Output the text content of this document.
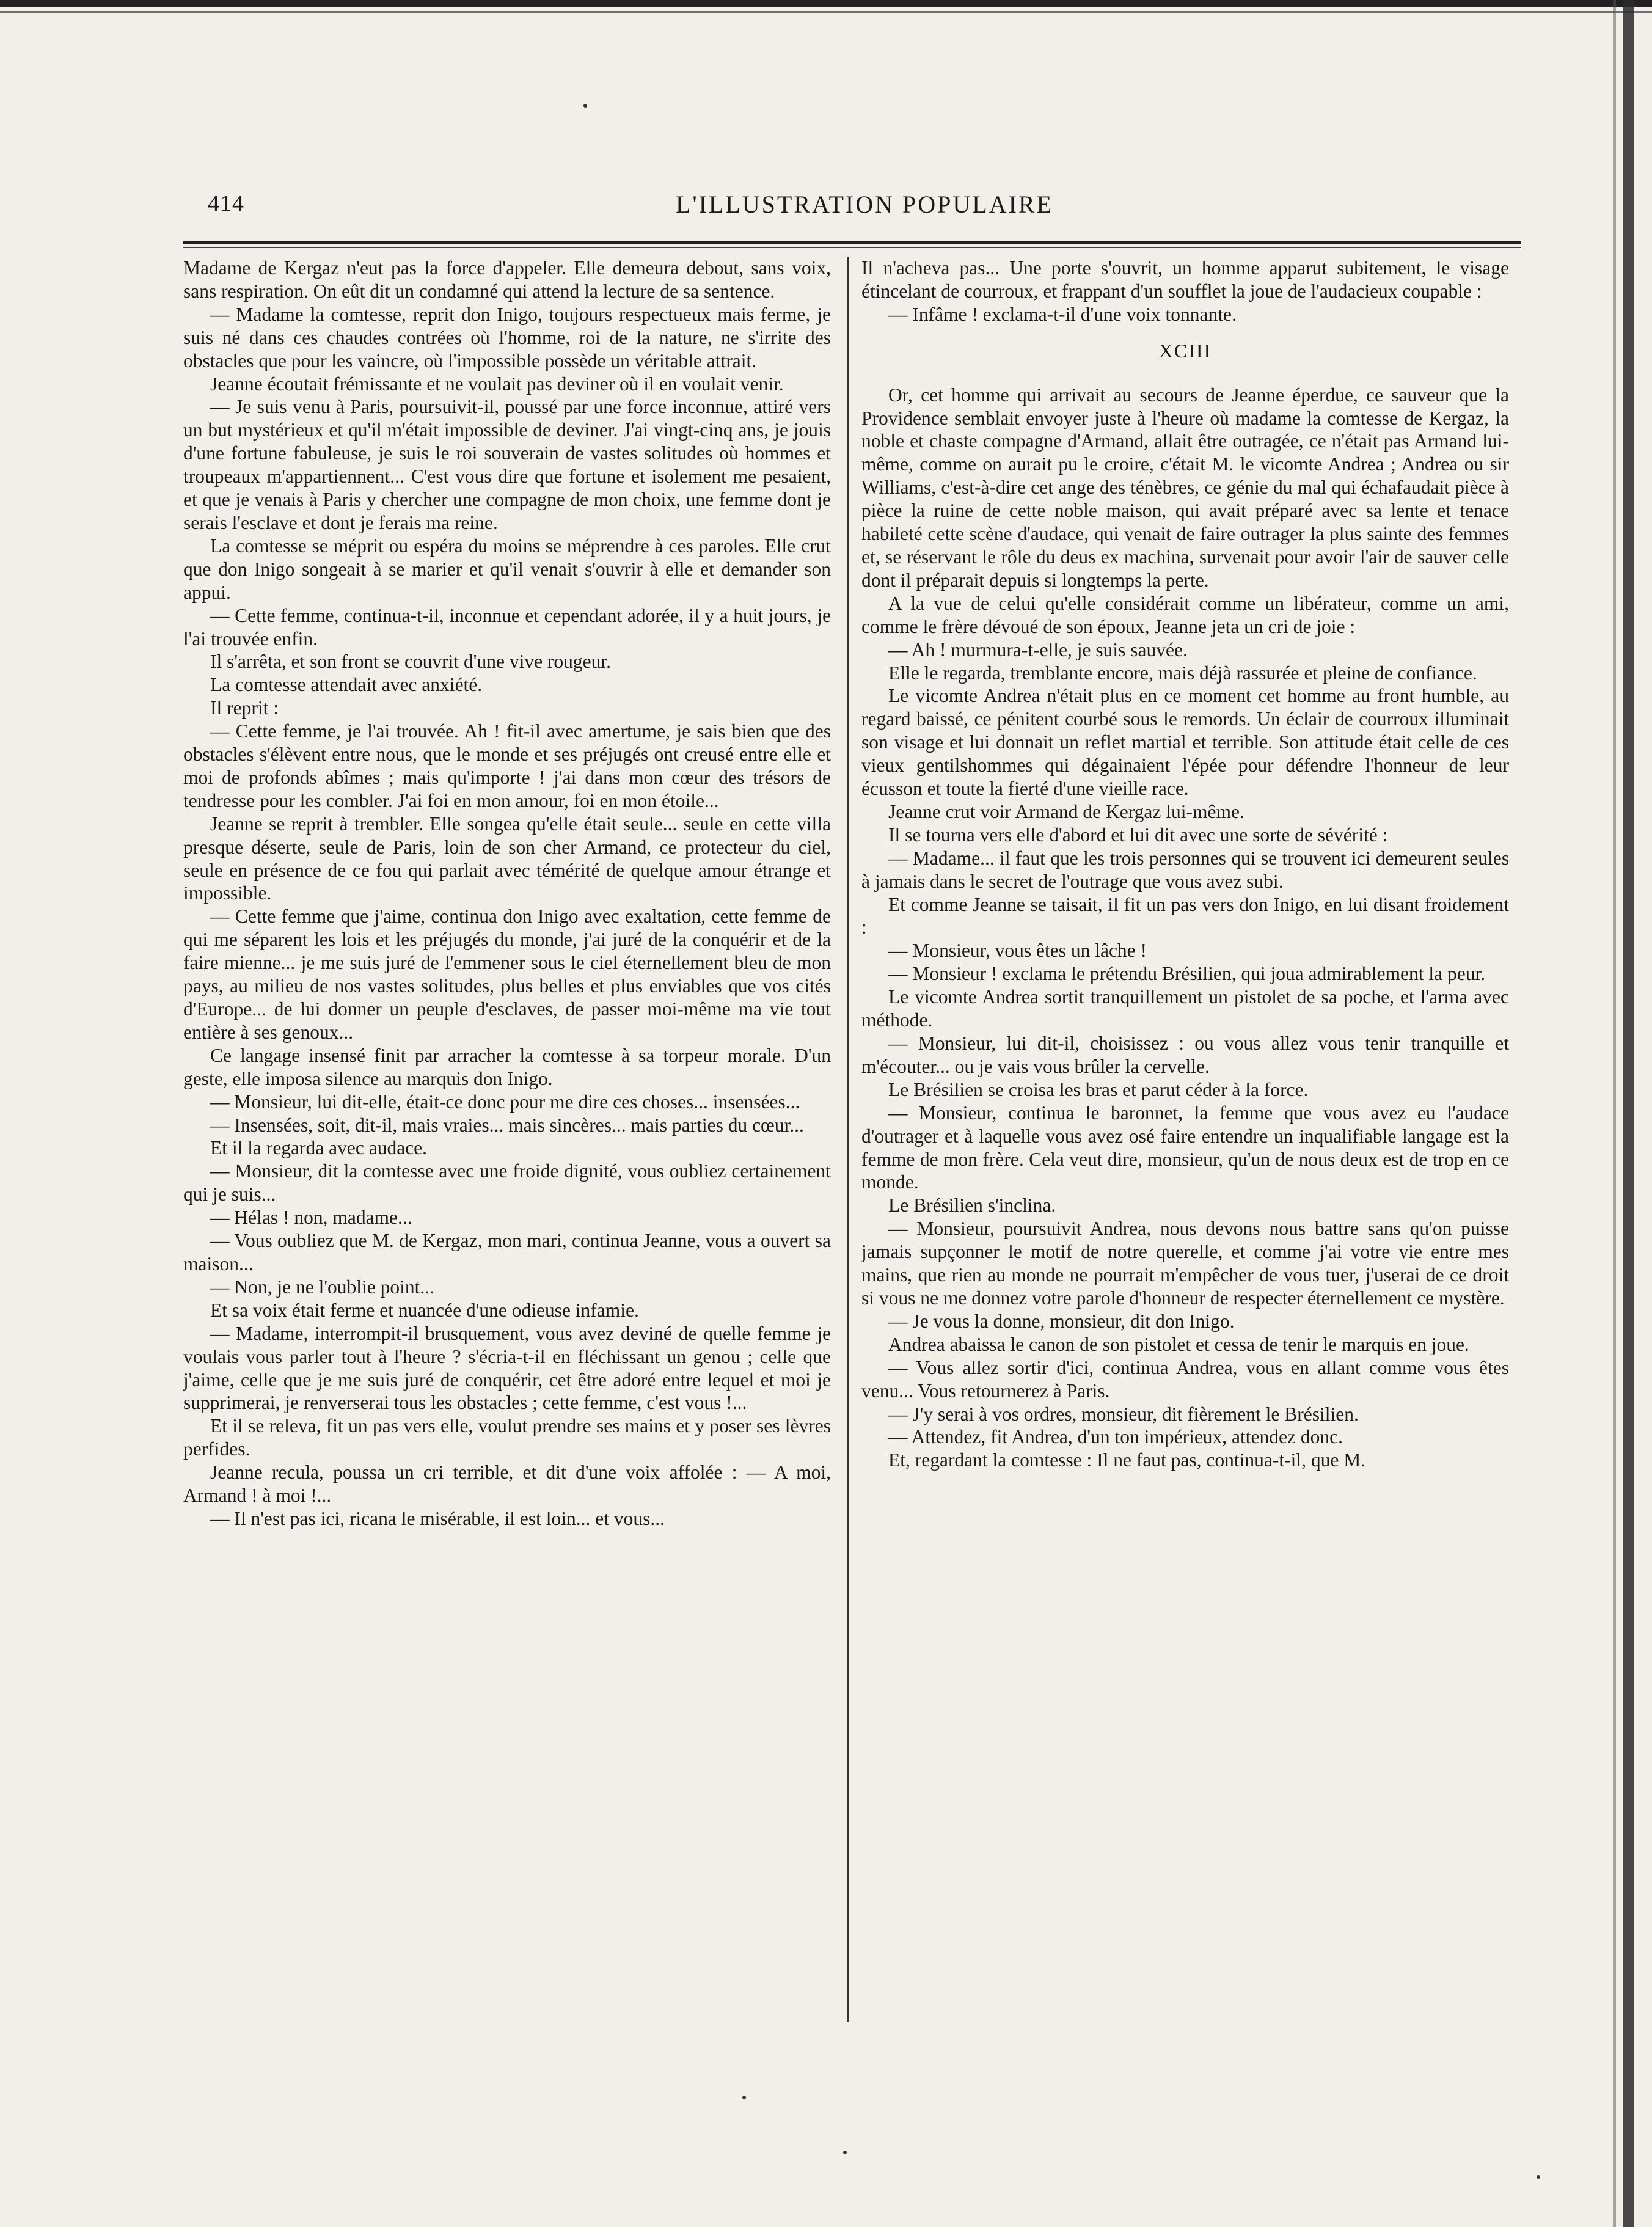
414	L'ILLUSTRATION POPULAIRE

Madame de Kergaz n'eut pas la force d'appeler. Elle demeura debout, sans voix, sans respiration. On eût dit un condamné qui attend la lecture de sa sentence.

— Madame la comtesse, reprit don Inigo, toujours respectueux mais ferme, je suis né dans ces chaudes contrées où l'homme, roi de la nature, ne s'irrite des obstacles que pour les vaincre, où l'impossible possède un véritable attrait.

Jeanne écoutait frémissante et ne voulait pas deviner où il en voulait venir.

— Je suis venu à Paris, poursuivit-il, poussé par une force inconnue, attiré vers un but mystérieux et qu'il m'était impossible de deviner. J'ai vingt-cinq ans, je jouis d'une fortune fabuleuse, je suis le roi souverain de vastes solitudes où hommes et troupeaux m'appartiennent... C'est vous dire que fortune et isolement me pesaient, et que je venais à Paris y chercher une compagne de mon choix, une femme dont je serais l'esclave et dont je ferais ma reine.

La comtesse se méprit ou espéra du moins se méprendre à ces paroles. Elle crut que don Inigo songeait à se marier et qu'il venait s'ouvrir à elle et demander son appui.

— Cette femme, continua-t-il, inconnue et cependant adorée, il y a huit jours, je l'ai trouvée enfin.

Il s'arrêta, et son front se couvrit d'une vive rougeur.

La comtesse attendait avec anxiété.

Il reprit :

— Cette femme, je l'ai trouvée. Ah ! fit-il avec amertume, je sais bien que des obstacles s'élèvent entre nous, que le monde et ses préjugés ont creusé entre elle et moi de profonds abîmes ; mais qu'importe ! j'ai dans mon cœur des trésors de tendresse pour les combler. J'ai foi en mon amour, foi en mon étoile...

Jeanne se reprit à trembler. Elle songea qu'elle était seule... seule en cette villa presque déserte, seule de Paris, loin de son cher Armand, ce protecteur du ciel, seule en présence de ce fou qui parlait avec témérité de quelque amour étrange et impossible.

— Cette femme que j'aime, continua don Inigo avec exaltation, cette femme de qui me séparent les lois et les préjugés du monde, j'ai juré de la conquérir et de la faire mienne... je me suis juré de l'emmener sous le ciel éternellement bleu de mon pays, au milieu de nos vastes solitudes, plus belles et plus enviables que vos cités d'Europe... de lui donner un peuple d'esclaves, de passer moi-même ma vie tout entière à ses genoux...

Ce langage insensé finit par arracher la comtesse à sa torpeur morale. D'un geste, elle imposa silence au marquis don Inigo.

— Monsieur, lui dit-elle, était-ce donc pour me dire ces choses... insensées...

— Insensées, soit, dit-il, mais vraies... mais sincères... mais parties du cœur...

Et il la regarda avec audace.

— Monsieur, dit la comtesse avec une froide dignité, vous oubliez certainement qui je suis...

— Hélas ! non, madame...

— Vous oubliez que M. de Kergaz, mon mari, continua Jeanne, vous a ouvert sa maison...

— Non, je ne l'oublie point...

Et sa voix était ferme et nuancée d'une odieuse infamie.

— Madame, interrompit-il brusquement, vous avez deviné de quelle femme je voulais vous parler tout à l'heure ? s'écria-t-il en fléchissant un genou ; celle que j'aime, celle que je me suis juré de conquérir, cet être adoré entre lequel et moi je supprimerai, je renverserai tous les obstacles ; cette femme, c'est vous !...

Et il se releva, fit un pas vers elle, voulut prendre ses mains et y poser ses lèvres perfides.

Jeanne recula, poussa un cri terrible, et dit d'une voix affolée : — A moi, Armand ! à moi !...

— Il n'est pas ici, ricana le misérable, il est loin... et vous...

Il n'acheva pas... Une porte s'ouvrit, un homme apparut subitement, le visage étincelant de courroux, et frappant d'un soufflet la joue de l'audacieux coupable :

— Infâme ! exclama-t-il d'une voix tonnante.

XCIII

Or, cet homme qui arrivait au secours de Jeanne éperdue, ce sauveur que la Providence semblait envoyer juste à l'heure où madame la comtesse de Kergaz, la noble et chaste compagne d'Armand, allait être outragée, ce n'était pas Armand lui-même, comme on aurait pu le croire, c'était M. le vicomte Andrea ; Andrea ou sir Williams, c'est-à-dire cet ange des ténèbres, ce génie du mal qui échafaudait pièce à pièce la ruine de cette noble maison, qui avait préparé avec sa lente et tenace habileté cette scène d'audace, qui venait de faire outrager la plus sainte des femmes et, se réservant le rôle du deus ex machina, survenait pour avoir l'air de sauver celle dont il préparait depuis si longtemps la perte.

A la vue de celui qu'elle considérait comme un libérateur, comme un ami, comme le frère dévoué de son époux, Jeanne jeta un cri de joie :

— Ah ! murmura-t-elle, je suis sauvée.

Elle le regarda, tremblante encore, mais déjà rassurée et pleine de confiance.

Le vicomte Andrea n'était plus en ce moment cet homme au front humble, au regard baissé, ce pénitent courbé sous le remords. Un éclair de courroux illuminait son visage et lui donnait un reflet martial et terrible. Son attitude était celle de ces vieux gentilshommes qui dégainaient l'épée pour défendre l'honneur de leur écusson et toute la fierté d'une vieille race.

Jeanne crut voir Armand de Kergaz lui-même.

Il se tourna vers elle d'abord et lui dit avec une sorte de sévérité :

— Madame... il faut que les trois personnes qui se trouvent ici demeurent seules à jamais dans le secret de l'outrage que vous avez subi.

Et comme Jeanne se taisait, il fit un pas vers don Inigo, en lui disant froidement :

— Monsieur, vous êtes un lâche !

— Monsieur ! exclama le prétendu Brésilien, qui joua admirablement la peur.

Le vicomte Andrea sortit tranquillement un pistolet de sa poche, et l'arma avec méthode.

— Monsieur, lui dit-il, choisissez : ou vous allez vous tenir tranquille et m'écouter... ou je vais vous brûler la cervelle.

Le Brésilien se croisa les bras et parut céder à la force.

— Monsieur, continua le baronnet, la femme que vous avez eu l'audace d'outrager et à laquelle vous avez osé faire entendre un inqualifiable langage est la femme de mon frère. Cela veut dire, monsieur, qu'un de nous deux est de trop en ce monde.

Le Brésilien s'inclina.

— Monsieur, poursuivit Andrea, nous devons nous battre sans qu'on puisse jamais supçonner le motif de notre querelle, et comme j'ai votre vie entre mes mains, que rien au monde ne pourrait m'empêcher de vous tuer, j'userai de ce droit si vous ne me donnez votre parole d'honneur de respecter éternellement ce mystère.

— Je vous la donne, monsieur, dit don Inigo.

Andrea abaissa le canon de son pistolet et cessa de tenir le marquis en joue.

— Vous allez sortir d'ici, continua Andrea, vous en allant comme vous êtes venu... Vous retournerez à Paris.

— J'y serai à vos ordres, monsieur, dit fièrement le Brésilien.

— Attendez, fit Andrea, d'un ton impérieux, attendez donc.

Et, regardant la comtesse : Il ne faut pas, continua-t-il, que M.
